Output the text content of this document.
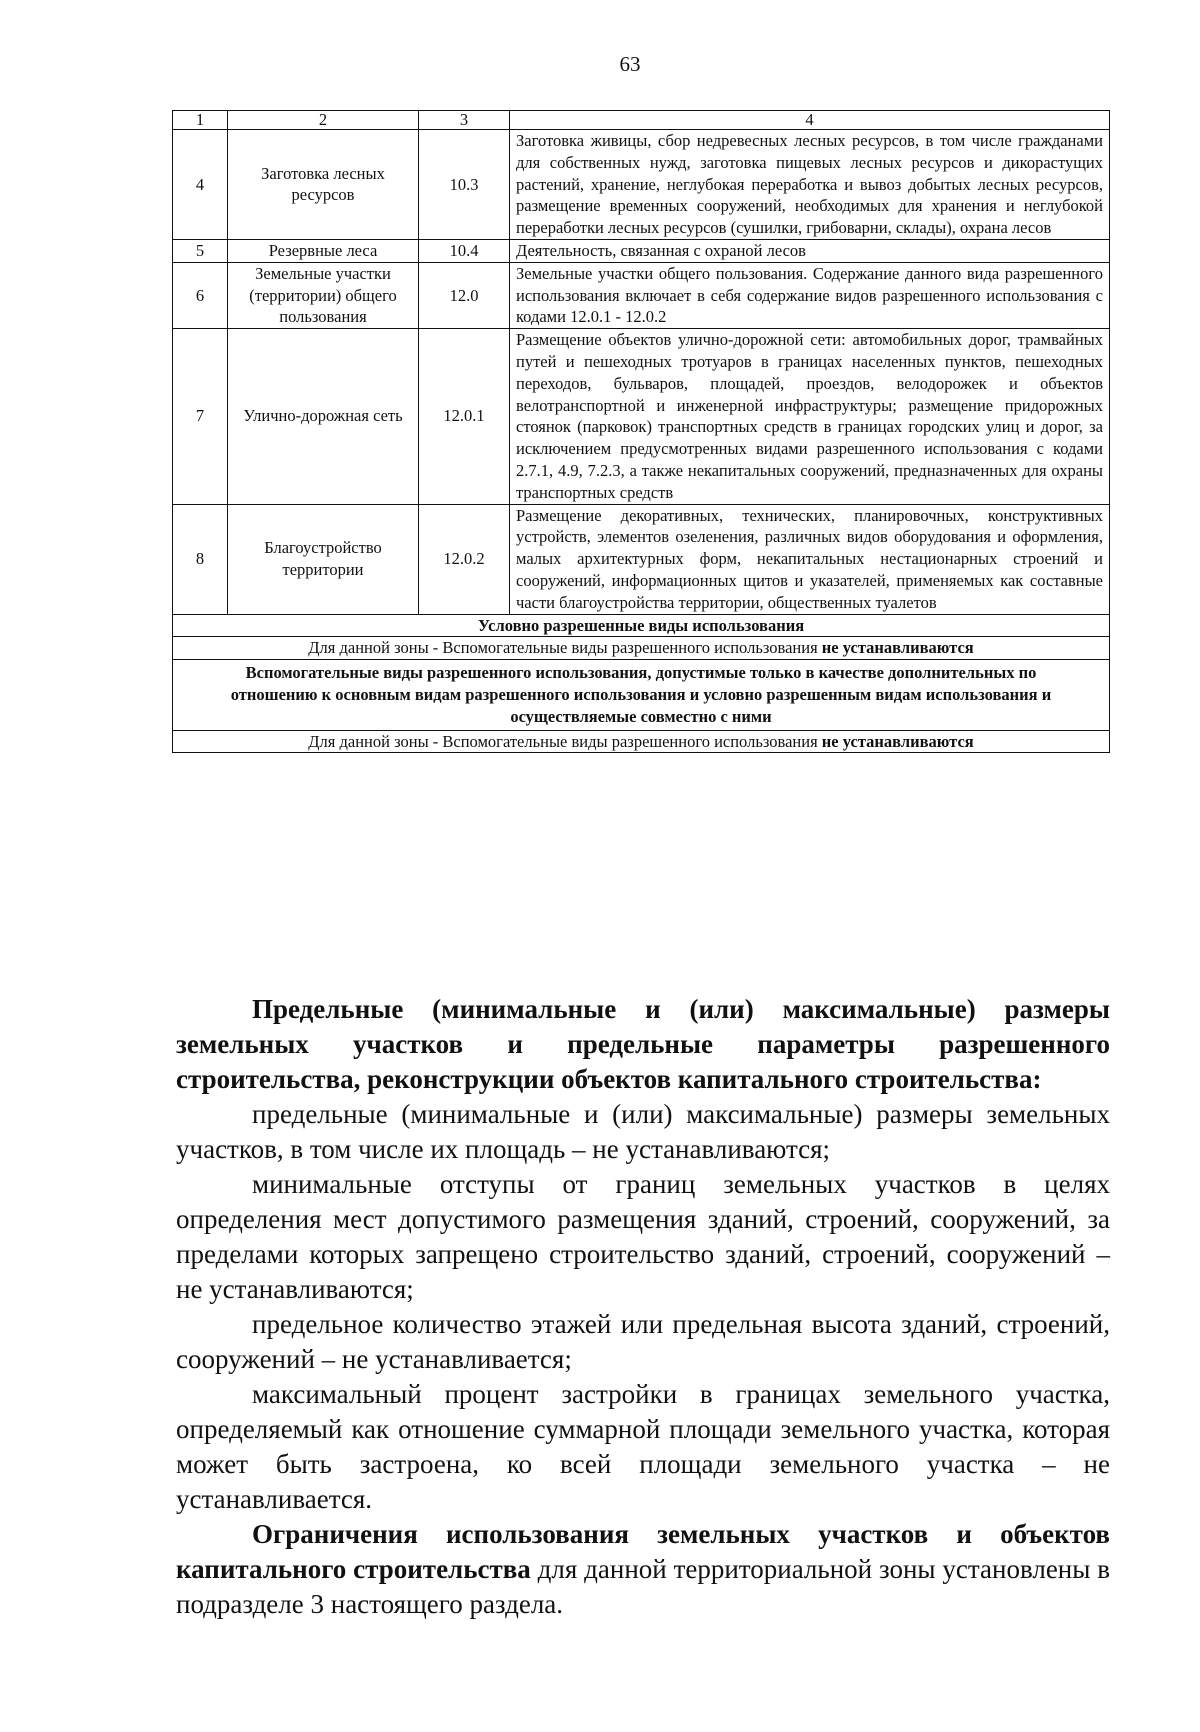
63
1	2	3	4
4	Заготовка лесных ресурсов	10.3	Заготовка живицы, сбор недревесных лесных ресурсов, в том числе гражданами для собственных нужд, заготовка пищевых лесных ресурсов и дикорастущих растений, хранение, неглубокая переработка и вывоз добытых лесных ресурсов, размещение временных сооружений, необходимых для хранения и неглубокой переработки лесных ресурсов (сушилки, грибоварни, склады), охрана лесов

5	Резервные леса	10.4	Деятельность, связанная с охраной лесов

6	Земельные участки (территории) общего пользования	12.0	Земельные участки общего пользования. Содержание данного вида разрешенного использования включает в себя содержание видов разрешенного использования с кодами 12.0.1 - 12.0.2

7	Улично-дорожная сеть	12.0.1	Размещение объектов улично-дорожной сети: автомобильных дорог, трамвайных путей и пешеходных тротуаров в границах населенных пунктов, пешеходных переходов, бульваров, площадей, проездов, велодорожек и объектов велотранспортной и инженерной инфраструктуры; размещение придорожных стоянок (парковок) транспортных средств в границах городских улиц и дорог, за исключением предусмотренных видами разрешенного использования с кодами 2.7.1, 4.9, 7.2.3, а также некапитальных сооружений, предназначенных для охраны транспортных средств

8	Благоустройство территории	12.0.2	Размещение декоративных, технических, планировочных, конструктивных устройств, элементов озеленения, различных видов оборудования и оформления, малых архитектурных форм, некапитальных нестационарных строений и сооружений, информационных щитов и указателей, применяемых как составные части благоустройства территории, общественных туалетов

Условно разрешенные виды использования			
Для данной зоны - Вспомогательные виды разрешенного использования не устанавливаются			
Вспомогательные виды разрешенного использования, допустимые только в качестве дополнительных по отношению к основным видам разрешенного использования и условно разрешенным видам использования и осуществляемые совместно с ними			
Для данной зоны - Вспомогательные виды разрешенного использования не устанавливаются			

Предельные (минимальные и (или) максимальные) размеры земельных участков и предельные параметры разрешенного строительства, реконструкции объектов капитального строительства:

предельные (минимальные и (или) максимальные) размеры земельных участков, в том числе их площадь – не устанавливаются;

минимальные отступы от границ земельных участков в целях определения мест допустимого размещения зданий, строений, сооружений, за пределами которых запрещено строительство зданий, строений, сооружений – не устанавливаются;

предельное количество этажей или предельная высота зданий, строений, сооружений – не устанавливается;

максимальный процент застройки в границах земельного участка, определяемый как отношение суммарной площади земельного участка, которая может быть застроена, ко всей площади земельного участка – не устанавливается.

Ограничения использования земельных участков и объектов капитального строительства для данной территориальной зоны установлены в подразделе 3 настоящего раздела.
